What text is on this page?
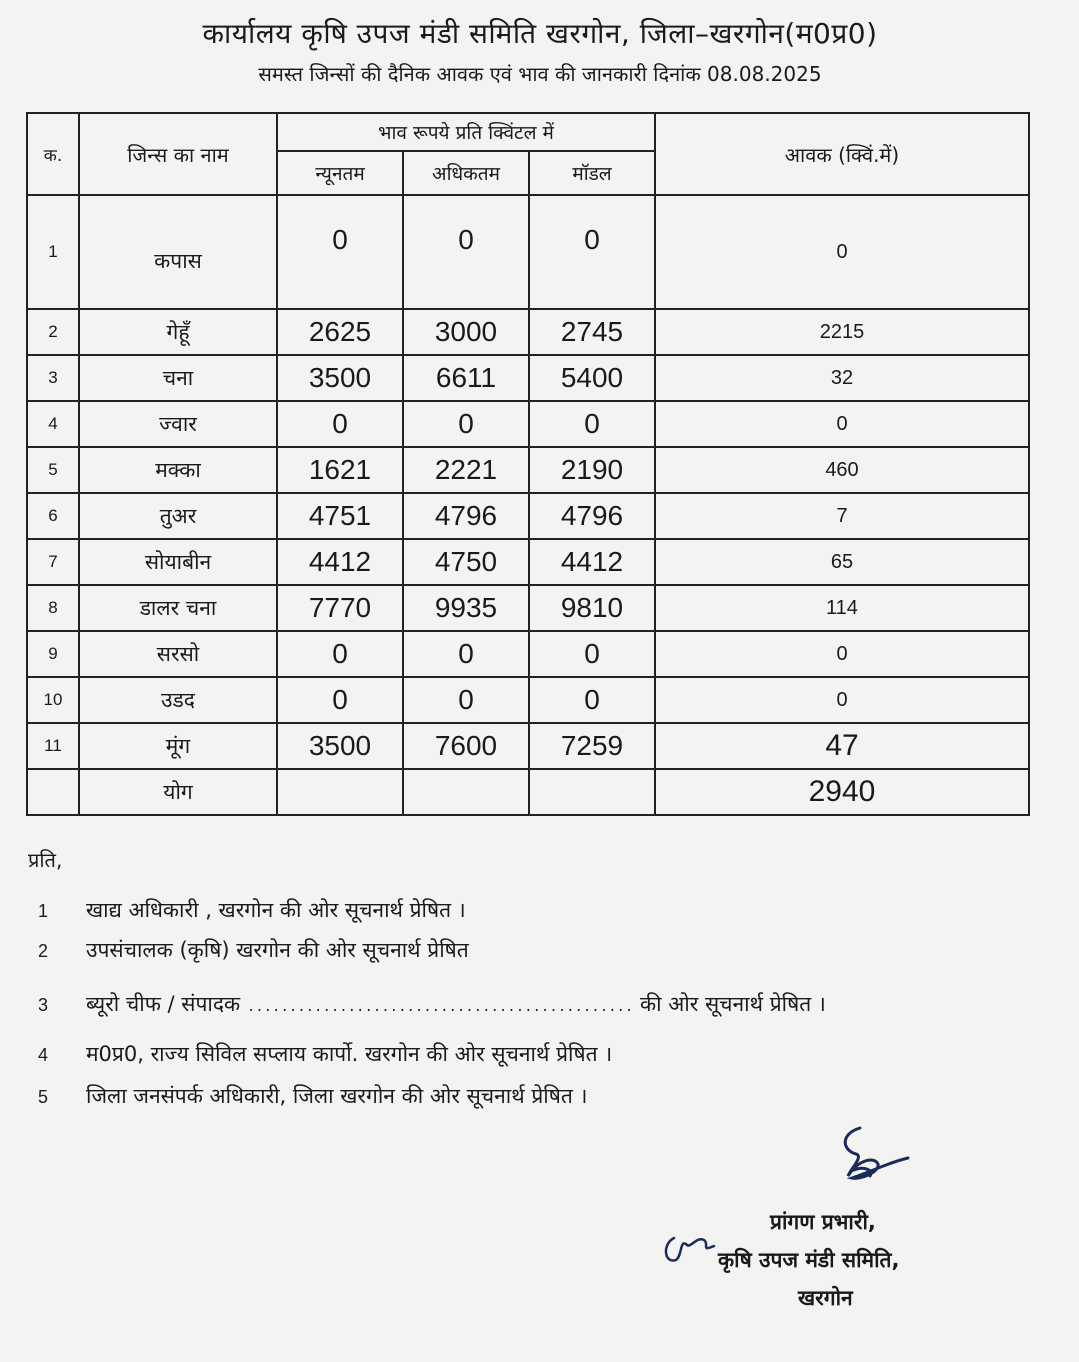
कार्यालय कृषि उपज मंडी समिति खरगोन, जिला–खरगोन(म0प्र0)
समस्त जिन्सों की दैनिक आवक एवं भाव की जानकारी दिनांक 08.08.2025
क.	जिन्स का नाम	भाव रूपये प्रति क्विंटल में			आवक (क्विं.में)
		न्यूनतम	अधिकतम	मॉडल	
1	कपास	0	0	0	0
2	गेहूँ	2625	3000	2745	2215
3	चना	3500	6611	5400	32
4	ज्वार	0	0	0	0
5	मक्का	1621	2221	2190	460
6	तुअर	4751	4796	4796	7
7	सोयाबीन	4412	4750	4412	65
8	डालर चना	7770	9935	9810	114
9	सरसो	0	0	0	0
10	उडद	0	0	0	0
11	मूंग	3500	7600	7259	47
	योग				2940
प्रति,
1 खाद्य अधिकारी , खरगोन की ओर सूचनार्थ प्रेषित ।
2 उपसंचालक (कृषि) खरगोन की ओर सूचनार्थ प्रेषित
3 ब्यूरो चीफ / संपादक .............................................. की ओर सूचनार्थ प्रेषित ।
4 म0प्र0, राज्य सिविल सप्लाय कार्पो. खरगोन की ओर सूचनार्थ प्रेषित ।
5 जिला जनसंपर्क अधिकारी, जिला खरगोन की ओर सूचनार्थ प्रेषित ।
प्रांगण प्रभारी,
कृषि उपज मंडी समिति,
खरगोन
